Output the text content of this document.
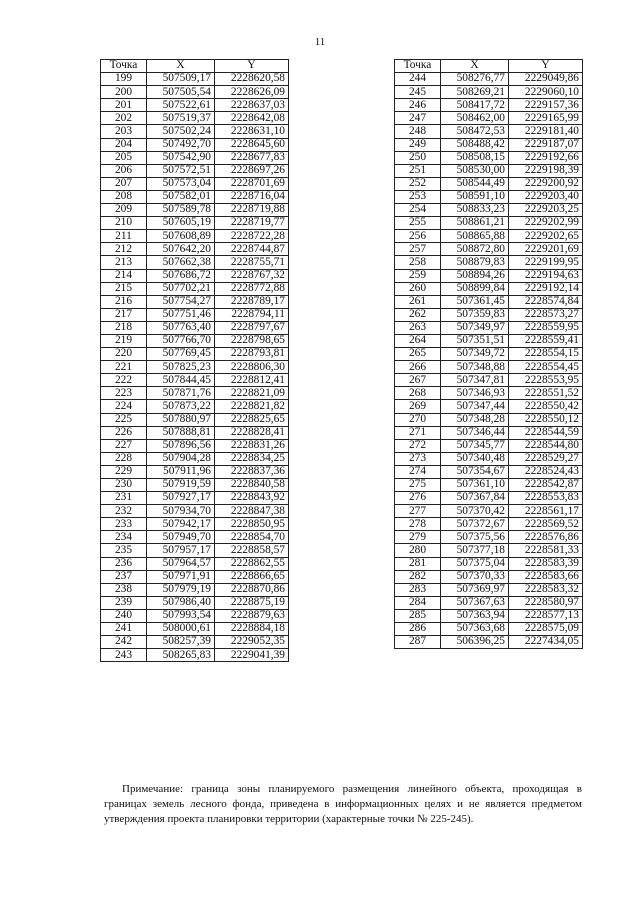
11
Точка	X	Y
199	507509,17	2228620,58
200	507505,54	2228626,09
201	507522,61	2228637,03
202	507519,37	2228642,08
203	507502,24	2228631,10
204	507492,70	2228645,60
205	507542,90	2228677,83
206	507572,51	2228697,26
207	507573,04	2228701,69
208	507582,01	2228716,04
209	507589,78	2228719,88
210	507605,19	2228719,77
211	507608,89	2228722,28
212	507642,20	2228744,87
213	507662,38	2228755,71
214	507686,72	2228767,32
215	507702,21	2228772,88
216	507754,27	2228789,17
217	507751,46	2228794,11
218	507763,40	2228797,67
219	507766,70	2228798,65
220	507769,45	2228793,81
221	507825,23	2228806,30
222	507844,45	2228812,41
223	507871,76	2228821,09
224	507873,22	2228821,82
225	507880,97	2228825,65
226	507888,81	2228828,41
227	507896,56	2228831,26
228	507904,28	2228834,25
229	507911,96	2228837,36
230	507919,59	2228840,58
231	507927,17	2228843,92
232	507934,70	2228847,38
233	507942,17	2228850,95
234	507949,70	2228854,70
235	507957,17	2228858,57
236	507964,57	2228862,55
237	507971,91	2228866,65
238	507979,19	2228870,86
239	507986,40	2228875,19
240	507993,54	2228879,63
241	508000,61	2228884,18
242	508257,39	2229052,35
243	508265,83	2229041,39
Точка	X	Y
244	508276,77	2229049,86
245	508269,21	2229060,10
246	508417,72	2229157,36
247	508462,00	2229165,99
248	508472,53	2229181,40
249	508488,42	2229187,07
250	508508,15	2229192,66
251	508530,00	2229198,39
252	508544,49	2229200,92
253	508591,10	2229203,40
254	508833,23	2229203,25
255	508861,21	2229202,99
256	508865,88	2229202,65
257	508872,80	2229201,69
258	508879,83	2229199,95
259	508894,26	2229194,63
260	508899,84	2229192,14
261	507361,45	2228574,84
262	507359,83	2228573,27
263	507349,97	2228559,95
264	507351,51	2228559,41
265	507349,72	2228554,15
266	507348,88	2228554,45
267	507347,81	2228553,95
268	507346,93	2228551,52
269	507347,44	2228550,42
270	507348,28	2228550,12
271	507346,44	2228544,59
272	507345,77	2228544,80
273	507340,48	2228529,27
274	507354,67	2228524,43
275	507361,10	2228542,87
276	507367,84	2228553,83
277	507370,42	2228561,17
278	507372,67	2228569,52
279	507375,56	2228576,86
280	507377,18	2228581,33
281	507375,04	2228583,39
282	507370,33	2228583,66
283	507369,97	2228583,32
284	507367,63	2228580,97
285	507363,94	2228577,13
286	507363,68	2228575,09
287	506396,25	2227434,05

Примечание: граница зоны планируемого размещения линейного объекта, проходящая в границах земель лесного фонда, приведена в информационных целях и не является предметом утверждения проекта планировки территории (характерные точки № 225-245).
